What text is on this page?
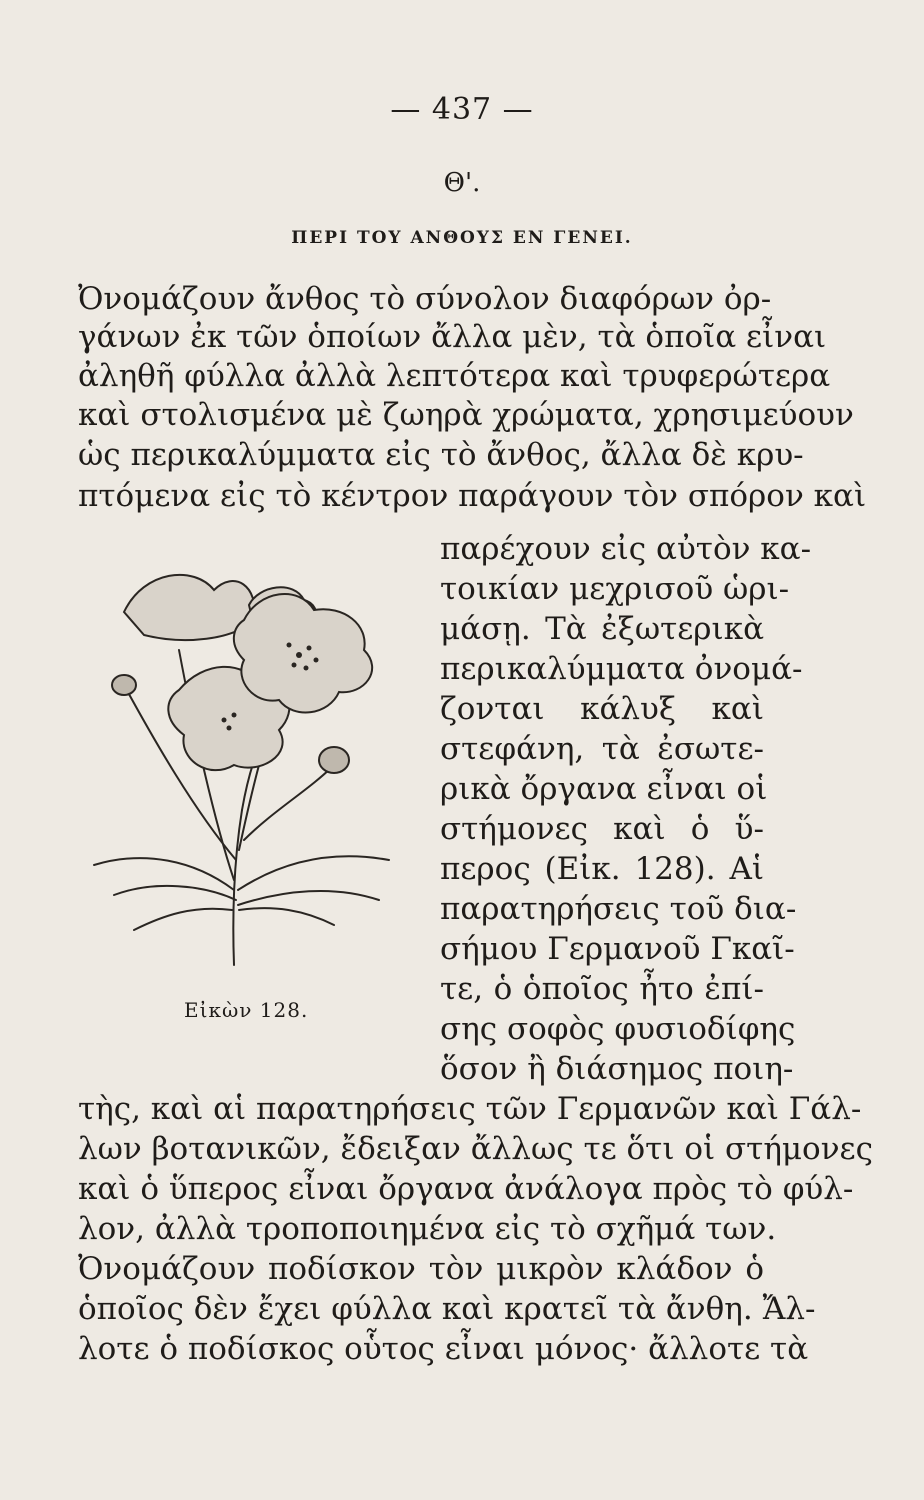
— 437 —
Θ'.
ΠΕΡΙ ΤΟΥ ΑΝΘΟΥΣ ΕΝ ΓΕΝΕΙ.
Ὀνομάζουν ἄνθος τὸ σύνολον διαφόρων ὀρ-
γάνων ἐκ τῶν ὁποίων ἄλλα μὲν, τὰ ὁποῖα εἶναι
ἀληθῆ φύλλα ἀλλὰ λεπτότερα καὶ τρυφερώτερα
καὶ στολισμένα μὲ ζωηρὰ χρώματα, χρησιμεύουν
ὡς περικαλύμματα εἰς τὸ ἄνθος, ἄλλα δὲ κρυ-
πτόμενα εἰς τὸ κέντρον παράγουν τὸν σπόρον καὶ
παρέχουν εἰς αὐτὸν κα-
τοικίαν μεχρισοῦ ὡρι-
μάσῃ. Τὰ ἐξωτερικὰ
περικαλύμματα ὀνομά-
ζονται κάλυξ καὶ
στεφάνη, τὰ ἐσωτε-
ρικὰ ὄργανα εἶναι οἱ
στήμονες καὶ ὁ ὕ-
περος (Εἰκ. 128). Αἱ
παρατηρήσεις τοῦ δια-
σήμου Γερμανοῦ Γκαῖ-
τε, ὁ ὁποῖος ἦτο ἐπί-
σης σοφὸς φυσιοδίφης
ὅσον ἢ διάσημος ποιη-
τὴς, καὶ αἱ παρατηρήσεις τῶν Γερμανῶν καὶ Γάλ-
λων βοτανικῶν, ἔδειξαν ἄλλως τε ὅτι οἱ στήμονες
καὶ ὁ ὕπερος εἶναι ὄργανα ἀνάλογα πρὸς τὸ φύλ-
λον, ἀλλὰ τροποποιημένα εἰς τὸ σχῆμά των.
Ὀνομάζουν ποδίσκον τὸν μικρὸν κλάδον ὁ
ὁποῖος δὲν ἔχει φύλλα καὶ κρατεῖ τὰ ἄνθη. Ἄλ-
λοτε ὁ ποδίσκος οὗτος εἶναι μόνος· ἄλλοτε τὰ
Εἰκὼν 128.
